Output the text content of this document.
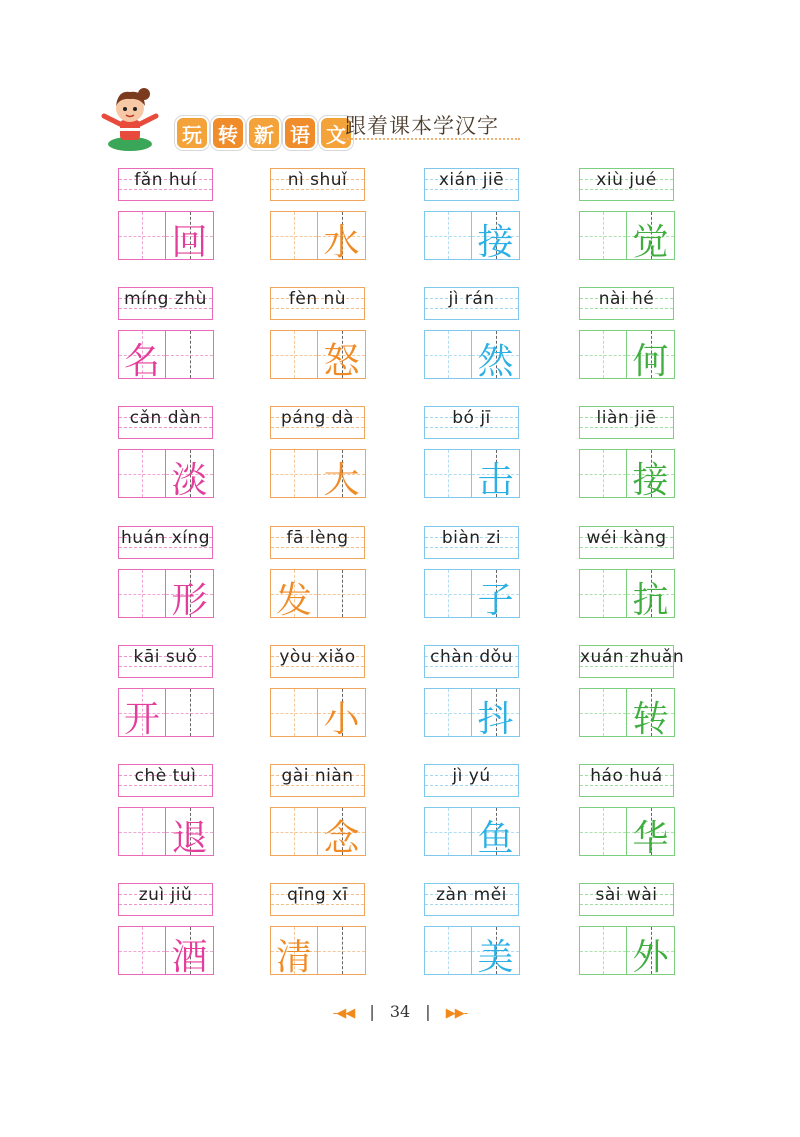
玩 转 新 语 文 跟着课本学汉字
fǎn huí
回
nì shuǐ
水
xián jiē
接
xiù jué
觉
míng zhù
名
fèn nù
怒
jì rán
然
nài hé
何
cǎn dàn
淡
páng dà
大
bó jī
击
liàn jiē
接
huán xíng
形
fā lèng
发
biàn zi
子
wéi kàng
抗
kāi suǒ
开
yòu xiǎo
小
chàn dǒu
抖
xuán zhuǎn
转
chè tuì
退
gài niàn
念
jì yú
鱼
háo huá
华
zuì jiǔ
酒
qīng xī
清
zàn měi
美
sài wài
外
‐◀◀ | 34 | ▶▶‐
